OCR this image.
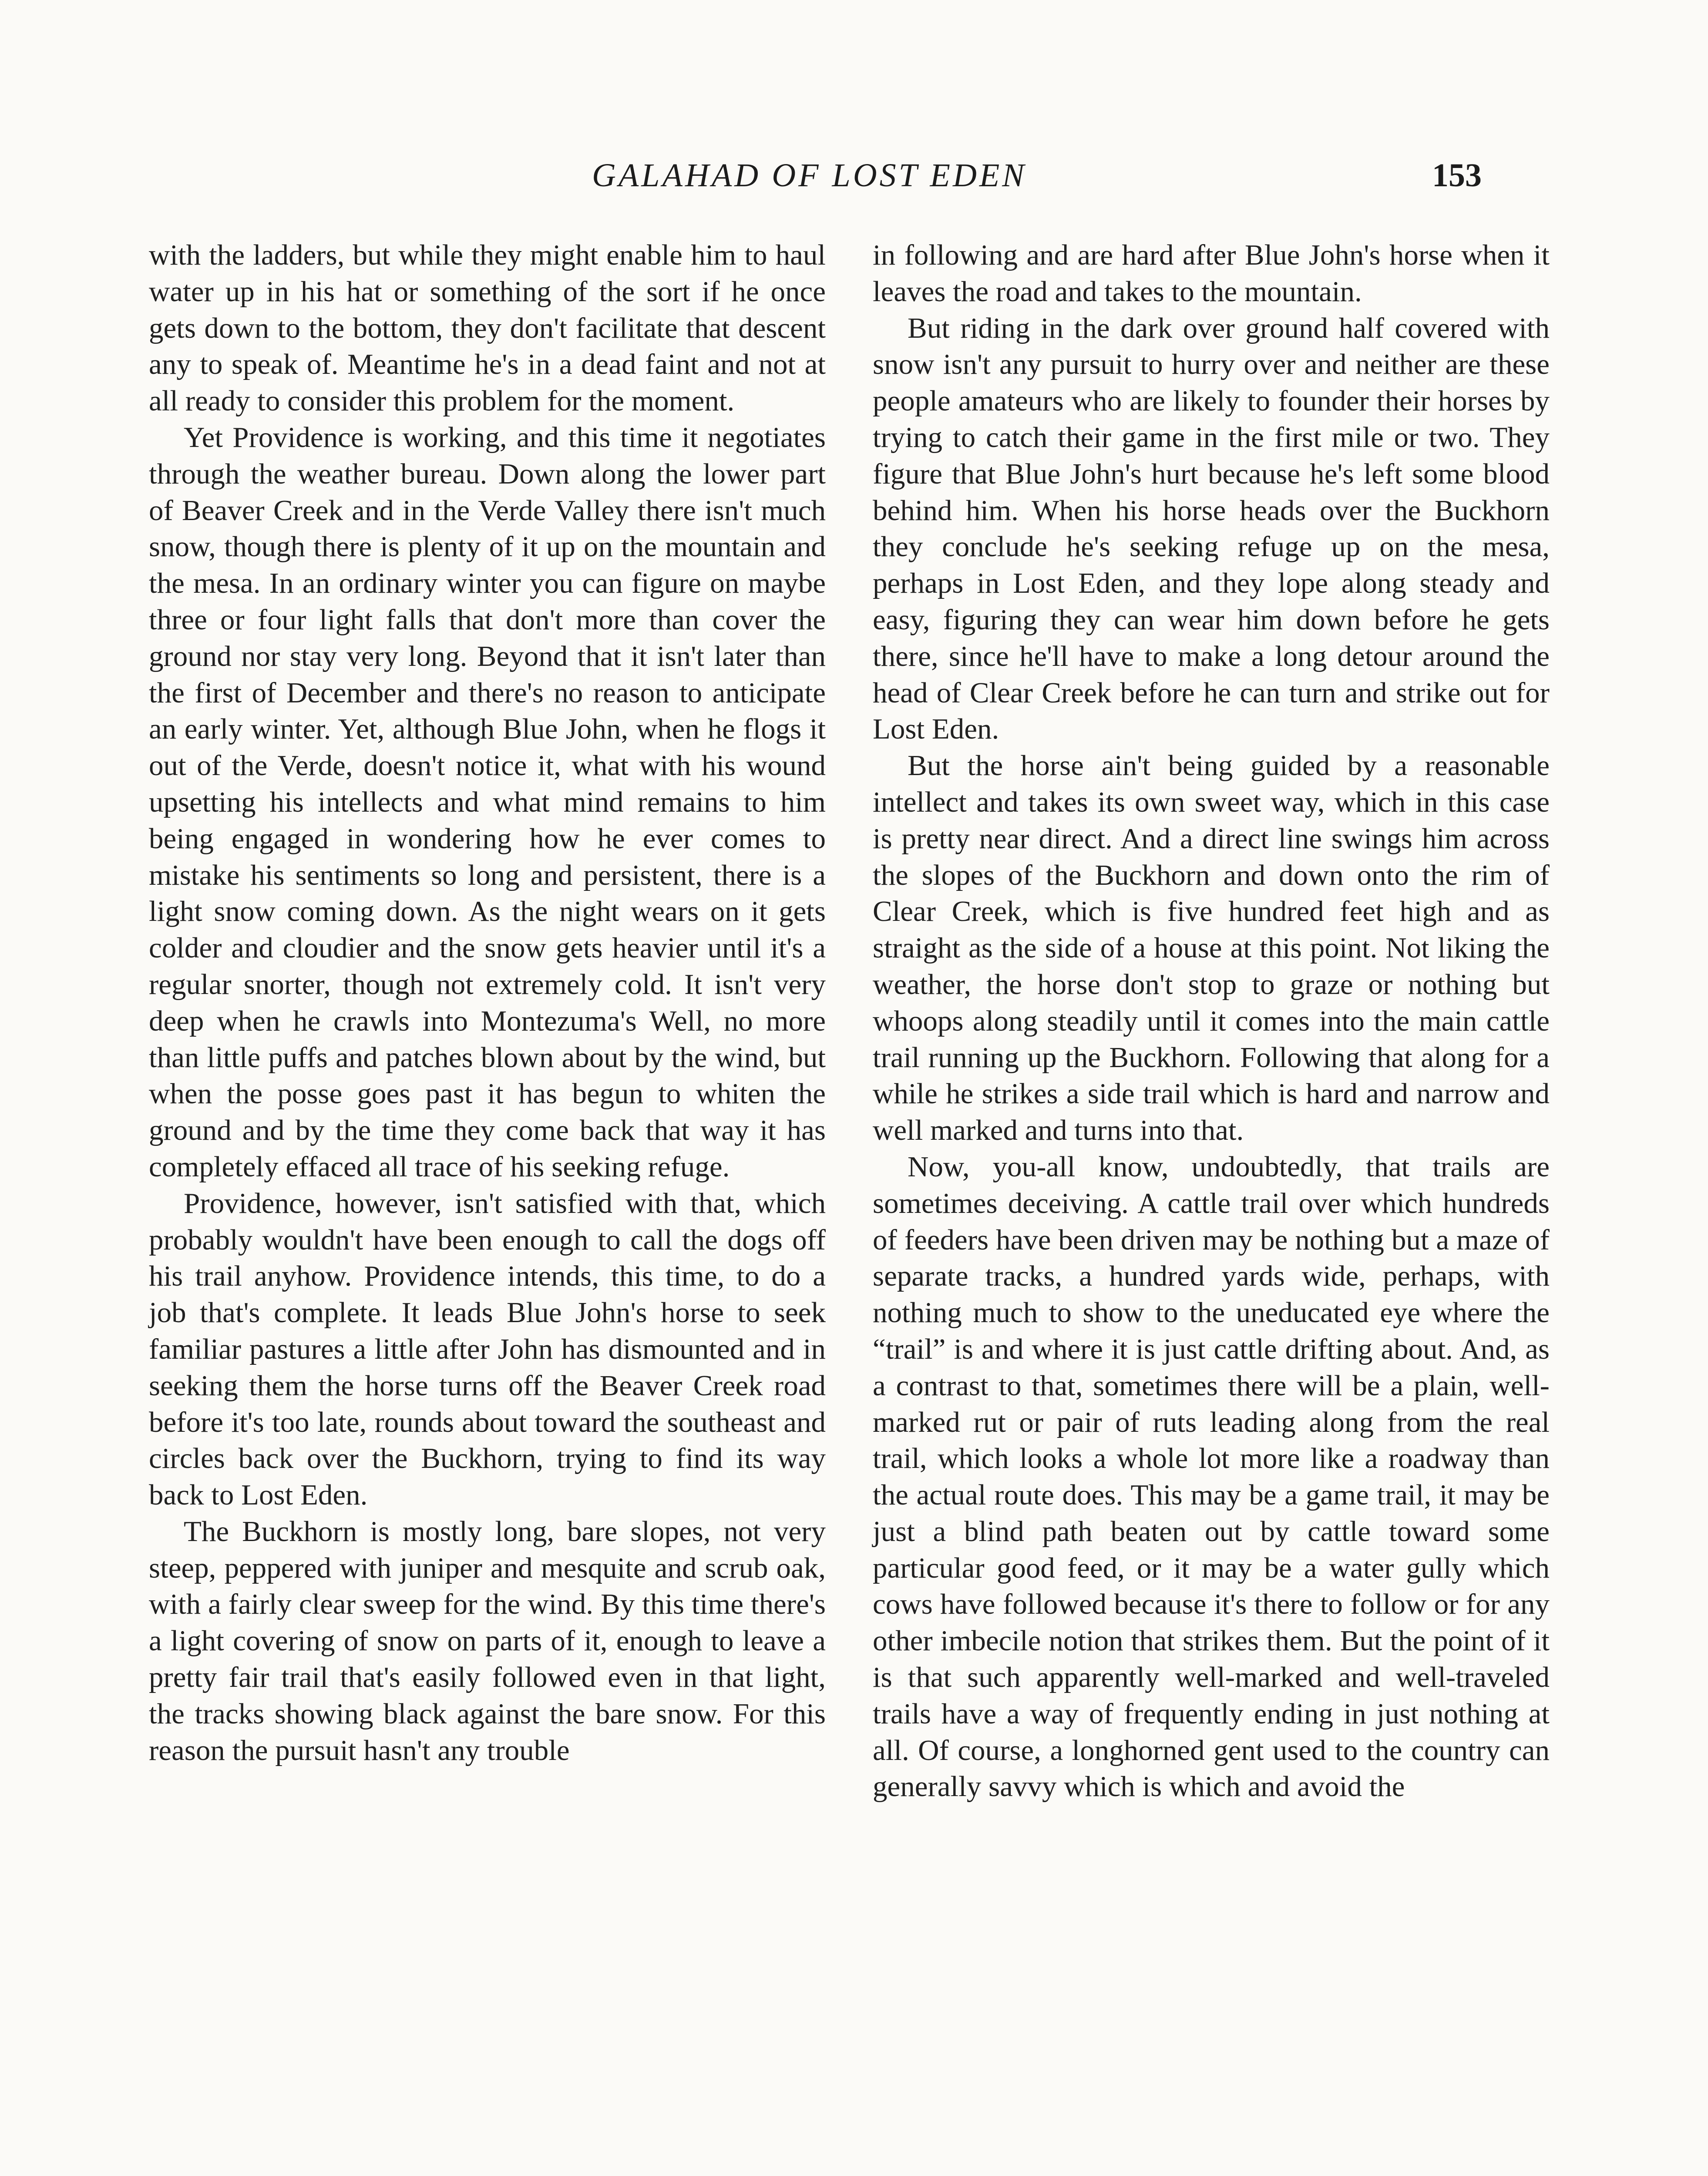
GALAHAD OF LOST EDEN	153

with the ladders, but while they might enable him to haul water up in his hat or something of the sort if he once gets down to the bottom, they don't facilitate that descent any to speak of. Meantime he's in a dead faint and not at all ready to consider this problem for the moment.

Yet Providence is working, and this time it negotiates through the weather bureau. Down along the lower part of Beaver Creek and in the Verde Valley there isn't much snow, though there is plenty of it up on the mountain and the mesa. In an ordinary winter you can figure on maybe three or four light falls that don't more than cover the ground nor stay very long. Beyond that it isn't later than the first of December and there's no reason to anticipate an early winter. Yet, although Blue John, when he flogs it out of the Verde, doesn't notice it, what with his wound upsetting his intellects and what mind remains to him being engaged in wondering how he ever comes to mistake his sentiments so long and persistent, there is a light snow coming down. As the night wears on it gets colder and cloudier and the snow gets heavier until it's a regular snorter, though not extremely cold. It isn't very deep when he crawls into Montezuma's Well, no more than little puffs and patches blown about by the wind, but when the posse goes past it has begun to whiten the ground and by the time they come back that way it has completely effaced all trace of his seeking refuge.

Providence, however, isn't satisfied with that, which probably wouldn't have been enough to call the dogs off his trail anyhow. Providence intends, this time, to do a job that's complete. It leads Blue John's horse to seek familiar pastures a little after John has dismounted and in seeking them the horse turns off the Beaver Creek road before it's too late, rounds about toward the southeast and circles back over the Buckhorn, trying to find its way back to Lost Eden.

The Buckhorn is mostly long, bare slopes, not very steep, peppered with juniper and mesquite and scrub oak, with a fairly clear sweep for the wind. By this time there's a light covering of snow on parts of it, enough to leave a pretty fair trail that's easily followed even in that light, the tracks showing black against the bare snow. For this reason the pursuit hasn't any trouble

in following and are hard after Blue John's horse when it leaves the road and takes to the mountain.

But riding in the dark over ground half covered with snow isn't any pursuit to hurry over and neither are these people amateurs who are likely to founder their horses by trying to catch their game in the first mile or two. They figure that Blue John's hurt because he's left some blood behind him. When his horse heads over the Buckhorn they conclude he's seeking refuge up on the mesa, perhaps in Lost Eden, and they lope along steady and easy, figuring they can wear him down before he gets there, since he'll have to make a long detour around the head of Clear Creek before he can turn and strike out for Lost Eden.

But the horse ain't being guided by a reasonable intellect and takes its own sweet way, which in this case is pretty near direct. And a direct line swings him across the slopes of the Buckhorn and down onto the rim of Clear Creek, which is five hundred feet high and as straight as the side of a house at this point. Not liking the weather, the horse don't stop to graze or nothing but whoops along steadily until it comes into the main cattle trail running up the Buckhorn. Following that along for a while he strikes a side trail which is hard and narrow and well marked and turns into that.

Now, you-all know, undoubtedly, that trails are sometimes deceiving. A cattle trail over which hundreds of feeders have been driven may be nothing but a maze of separate tracks, a hundred yards wide, perhaps, with nothing much to show to the uneducated eye where the “trail” is and where it is just cattle drifting about. And, as a contrast to that, sometimes there will be a plain, well-marked rut or pair of ruts leading along from the real trail, which looks a whole lot more like a roadway than the actual route does. This may be a game trail, it may be just a blind path beaten out by cattle toward some particular good feed, or it may be a water gully which cows have followed because it's there to follow or for any other imbecile notion that strikes them. But the point of it is that such apparently well-marked and well-traveled trails have a way of frequently ending in just nothing at all. Of course, a longhorned gent used to the country can generally savvy which is which and avoid the
